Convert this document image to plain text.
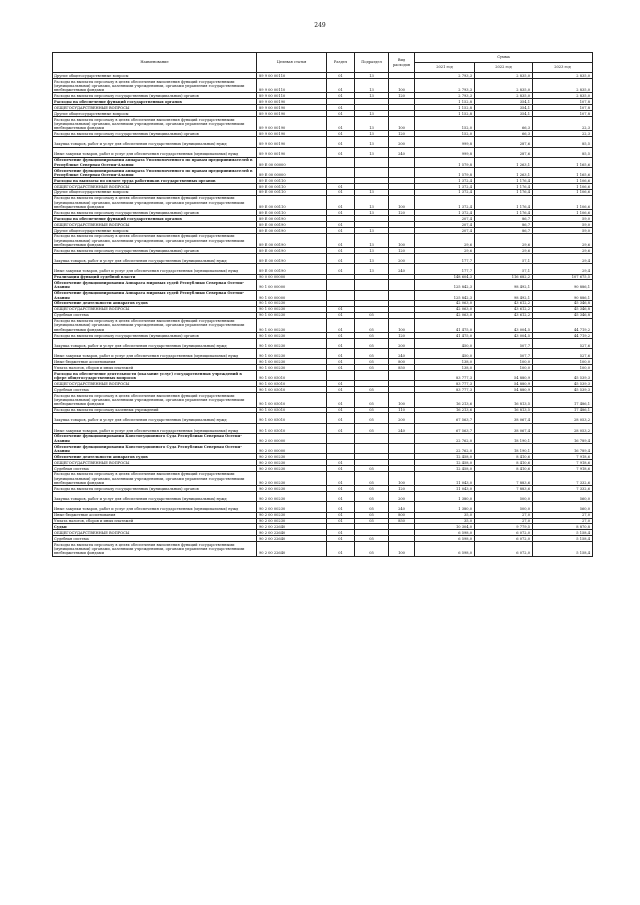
249
Наименование	Целевая статья	Раздел	Подраздел	Вид расходов	Сумма		
					2021 год	2022 год	2023 год
Другие общегосударственные вопросы	89 9 00 00110	01	13		2 793,3	2 835,0	2 835,0
Расходы на выплаты персоналу в целях обеспечения выполнения функций государственными (муниципальными) органами, казенными учреждениями, органами управления государственными внебюджетными фондами	89 9 00 00110	01	13	100	2 793,3	2 835,0	2 835,0
Расходы на выплаты персоналу государственных (муниципальных) органов	89 9 00 00110	01	13	120	2 793,3	2 835,0	2 835,0
Расходы на обеспечение функций государственных органов	89 9 00 00190				1 152,8	354,1	107,8
ОБЩЕГОСУДАРСТВЕННЫЕ ВОПРОСЫ	89 9 00 00190	01			1 152,8	354,1	107,8
Другие общегосударственные вопросы	89 9 00 00190	01	13		1 152,8	354,1	107,8
Расходы на выплаты персоналу в целях обеспечения выполнения функций государственными (муниципальными) органами, казенными учреждениями, органами управления государственными внебюджетными фондами	89 9 00 00190	01	13	100	152,0	66,3	22,3
Расходы на выплаты персоналу государственных (муниципальных) органов	89 9 00 00190	01	13	120	152,0	66,3	22,3
Закупка товаров, работ и услуг для обеспечения государственных (муниципальных) нужд	89 9 00 00190	01	13	200	999,8	287,6	85,5
Иные закупки товаров, работ и услуг для обеспечения государственных (муниципальных) нужд	89 9 00 00190	01	13	240	999,8	287,6	85,5
Обеспечение функционирования аппарата Уполномоченного по правам предпринимателей в Республике Северная Осетия-Алания	89 Е 00 00000				1 579,8	1 263,1	1 165,6
Обеспечение функционирования аппарата Уполномоченного по правам предпринимателей в Республике Северная Осетия-Алания	89 Е 00 00000				1 579,8	1 263,1	1 165,6
Расходы на выплаты по оплате труда работников государственных органов	89 Е 00 00110				1 372,4	1 176,4	1 106,6
ОБЩЕГОСУДАРСТВЕННЫЕ ВОПРОСЫ	89 Е 00 00110	01			1 372,4	1 176,4	1 106,6
Другие общегосударственные вопросы	89 Е 00 00110	01	13		1 372,4	1 176,4	1 106,6
Расходы на выплаты персоналу в целях обеспечения выполнения функций государственными (муниципальными) органами, казенными учреждениями, органами управления государственными внебюджетными фондами	89 Е 00 00110	01	13	100	1 372,4	1 176,4	1 106,6
Расходы на выплаты персоналу государственных (муниципальных) органов	89 Е 00 00110	01	13	120	1 372,4	1 176,4	1 106,6
Расходы на обеспечение функций государственных органов	89 Е 00 00190				207,4	86,7	59,0
ОБЩЕГОСУДАРСТВЕННЫЕ ВОПРОСЫ	89 Е 00 00190	01			207,4	86,7	59,0
Другие общегосударственные вопросы	89 Е 00 00190	01	13		207,4	86,7	59,0
Расходы на выплаты персоналу в целях обеспечения выполнения функций государственными (муниципальными) органами, казенными учреждениями, органами управления государственными внебюджетными фондами	89 Е 00 00190	01	13	100	29,6	29,6	29,6
Расходы на выплаты персоналу государственных (муниципальных) органов	89 Е 00 00190	01	13	120	29,6	29,6	29,6
Закупка товаров, работ и услуг для обеспечения государственных (муниципальных) нужд	89 Е 00 00190	01	13	200	177,7	57,1	29,4
Иные закупки товаров, работ и услуг для обеспечения государственных (муниципальных) нужд	89 Е 00 00190	01	13	240	177,7	57,1	29,4
Реализация функций судебной власти	90 0 00 00000				148 604,3	116 682,2	107 675,5
Обеспечение функционирования Аппарата мировых судей Республики Северная Осетия-Алания	90 1 00 00000				125 842,3	98 492,1	90 886,1
Обеспечение функционирования Аппарата мировых судей Республики Северная Осетия-Алания	90 1 00 00000				125 842,3	98 492,1	90 886,1
Обеспечение деятельности аппаратов судов	90 1 00 00230				42 063,0	43 612,2	45 346,8
ОБЩЕГОСУДАРСТВЕННЫЕ ВОПРОСЫ	90 1 00 00230	01			42 063,0	43 612,2	45 346,8
Судебная система	90 1 00 00230	01	05		42 063,0	43 612,2	45 346,8
Расходы на выплаты персоналу в целях обеспечения выполнения функций государственными (муниципальными) органами, казенными учреждениями, органами управления государственными внебюджетными фондами	90 1 00 00230	01	05	100	41 475,0	43 004,5	44 719,2
Расходы на выплаты персоналу государственных (муниципальных) органов	90 1 00 00230	01	05	120	41 475,0	43 004,5	44 719,2
Закупка товаров, работ и услуг для обеспечения государственных (муниципальных) нужд	90 1 00 00230	01	05	200	450,0	507,7	527,6
Иные закупки товаров, работ и услуг для обеспечения государственных (муниципальных) нужд	90 1 00 00230	01	05	240	450,0	507,7	527,6
Иные бюджетные ассигнования	90 1 00 00230	01	05	800	138,0	100,0	100,0
Уплата налогов, сборов и иных платежей	90 1 00 00230	01	05	850	138,0	100,0	100,0
Расходы на обеспечение деятельности (оказание услуг) государственных учреждений в сфере общегосударственных вопросов	90 1 00 05010				83 777,3	54 880,9	45 539,3
ОБЩЕГОСУДАРСТВЕННЫЕ ВОПРОСЫ	90 1 00 05010	01			83 777,3	54 880,9	45 539,3
Судебная система	90 1 00 05010	01	05		83 777,3	54 880,9	45 539,3
Расходы на выплаты персоналу в целях обеспечения выполнения функций государственными (муниципальными) органами, казенными учреждениями, органами управления государственными внебюджетными фондами	90 1 00 05010	01	05	100	16 213,6	16 813,5	17 486,1
Расходы на выплаты персоналу казенных учреждений	90 1 00 05010	01	05	110	16 213,6	16 813,5	17 486,1
Закупка товаров, работ и услуг для обеспечения государственных (муниципальных) нужд	90 1 00 05010	01	05	200	67 563,7	38 067,4	28 053,2
Иные закупки товаров, работ и услуг для обеспечения государственных (муниципальных) нужд	90 1 00 05010	01	05	240	67 563,7	38 067,4	28 053,2
Обеспечение функционирования Конституционного Суда Республики Северная Осетия-Алания	90 2 00 00000				22 762,0	18 190,1	16 789,4
Обеспечение функционирования Конституционного Суда Республики Северная Осетия-Алания	90 2 00 00000				22 762,0	18 190,1	16 789,4
Обеспечение деятельности аппаратов судов	90 2 00 00230				12 458,0	8 410,6	7 918,6
ОБЩЕГОСУДАРСТВЕННЫЕ ВОПРОСЫ	90 2 00 00230	01			12 458,0	8 410,6	7 918,6
Судебная система	90 2 00 00230	01	05		12 458,0	8 410,6	7 918,6
Расходы на выплаты персоналу в целях обеспечения выполнения функций государственными (муниципальными) органами, казенными учреждениями, органами управления государственными внебюджетными фондами	90 2 00 00230	01	05	100	11 043,0	7 883,6	7 332,6
Расходы на выплаты персоналу государственных (муниципальных) органов	90 2 00 00230	01	05	120	11 043,0	7 883,6	7 332,6
Закупка товаров, работ и услуг для обеспечения государственных (муниципальных) нужд	90 2 00 00230	01	05	200	1 380,0	500,0	560,0
Иные закупки товаров, работ и услуг для обеспечения государственных (муниципальных) нужд	90 2 00 00230	01	05	240	1 380,0	500,0	560,0
Иные бюджетные ассигнования	90 2 00 00230	01	05	800	35,0	27,0	27,0
Уплата налогов, сборов и иных платежей	90 2 00 00230	01	05	850	35,0	27,0	27,0
Судьи	90 2 00 22640				10 304,0	9 779,5	8 870,8
ОБЩЕГОСУДАРСТВЕННЫЕ ВОПРОСЫ	90 2 00 22640	01			6 598,0	6 072,0	5 158,4
Судебная система	90 2 00 22640	01	05		6 598,0	6 072,0	5 158,4
Расходы на выплаты персоналу в целях обеспечения выполнения функций государственными (муниципальными) органами, казенными учреждениями, органами управления государственными внебюджетными фондами	90 2 00 22640	01	05	100	6 598,0	6 072,0	5 158,4
